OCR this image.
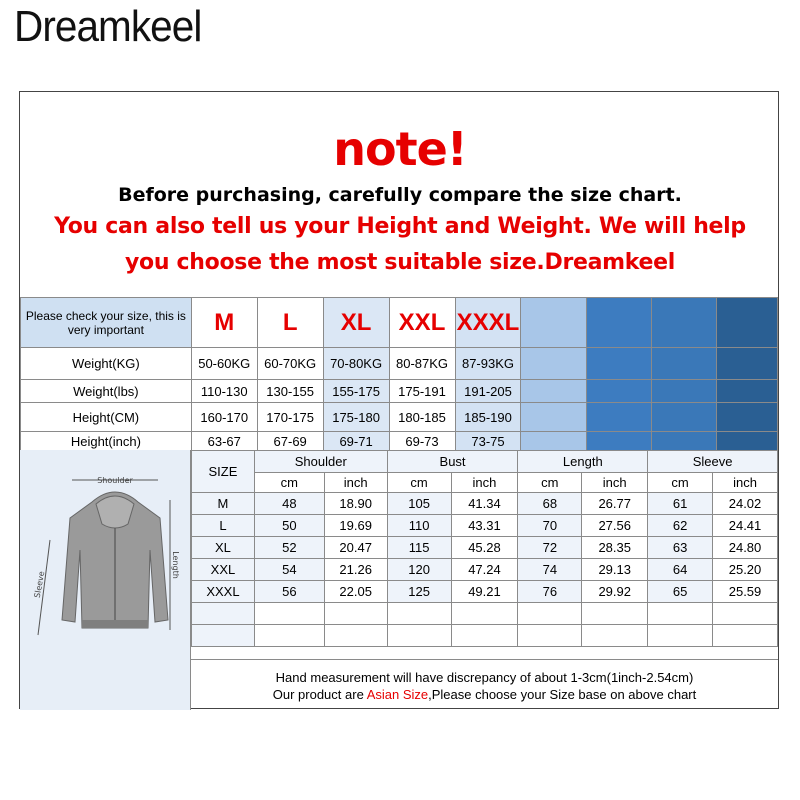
Dreamkeel
note!
Before purchasing, carefully compare the size chart.
You can also tell us your Height and Weight. We will help
you choose the most suitable size.Dreamkeel
Please check your size, this is very important	M	L	XL	XXL	XXXL				
Weight(KG)	50-60KG	60-70KG	70-80KG	80-87KG	87-93KG				
Weight(lbs)	110-130	130-155	155-175	175-191	191-205				
Height(CM)	160-170	170-175	175-180	180-185	185-190				
Height(inch)	63-67	67-69	69-71	69-73	73-75				
Shoulder
Length
Sleeve
SIZE	Shoulder		Bust		Length		Sleeve	
	cm	inch	cm	inch	cm	inch	cm	inch
M	48	18.90	105	41.34	68	26.77	61	24.02
L	50	19.69	110	43.31	70	27.56	62	24.41
XL	52	20.47	115	45.28	72	28.35	63	24.80
XXL	54	21.26	120	47.24	74	29.13	64	25.20
XXXL	56	22.05	125	49.21	76	29.92	65	25.59

Hand measurement will have discrepancy of about 1-3cm(1inch-2.54cm)
Our product are Asian Size,Please choose your Size base on above chart
